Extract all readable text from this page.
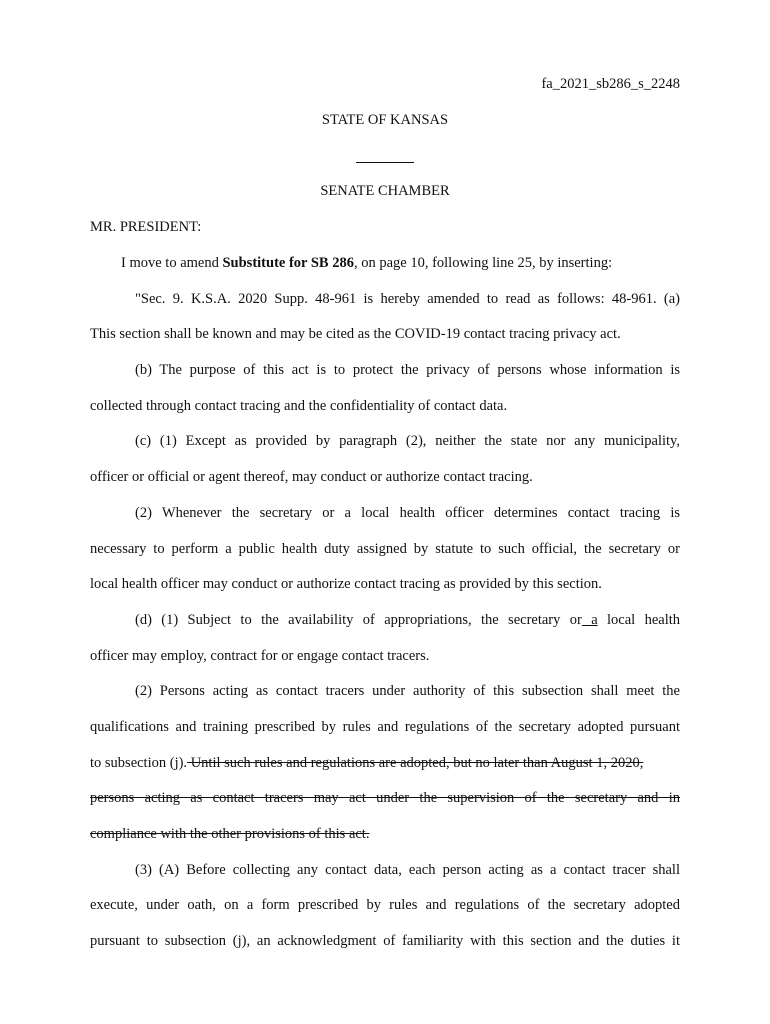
fa_2021_sb286_s_2248
STATE OF KANSAS
SENATE CHAMBER
MR. PRESIDENT:
I move to amend Substitute for SB 286, on page 10, following line 25, by inserting:
"Sec. 9. K.S.A. 2020 Supp. 48-961 is hereby amended to read as follows: 48-961. (a)
This section shall be known and may be cited as the COVID-19 contact tracing privacy act.
(b) The purpose of this act is to protect the privacy of persons whose information is
collected through contact tracing and the confidentiality of contact data.
(c) (1) Except as provided by paragraph (2), neither the state nor any municipality,
officer or official or agent thereof, may conduct or authorize contact tracing.
(2) Whenever the secretary or a local health officer determines contact tracing is
necessary to perform a public health duty assigned by statute to such official, the secretary or
local health officer may conduct or authorize contact tracing as provided by this section.
(d) (1) Subject to the availability of appropriations, the secretary or a local health
officer may employ, contract for or engage contact tracers.
(2) Persons acting as contact tracers under authority of this subsection shall meet the
qualifications and training prescribed by rules and regulations of the secretary adopted pursuant
to subsection (j). Until such rules and regulations are adopted, but no later than August 1, 2020,
persons acting as contact tracers may act under the supervision of the secretary and in
compliance with the other provisions of this act.
(3) (A) Before collecting any contact data, each person acting as a contact tracer shall
execute, under oath, on a form prescribed by rules and regulations of the secretary adopted
pursuant to subsection (j), an acknowledgment of familiarity with this section and the duties it
